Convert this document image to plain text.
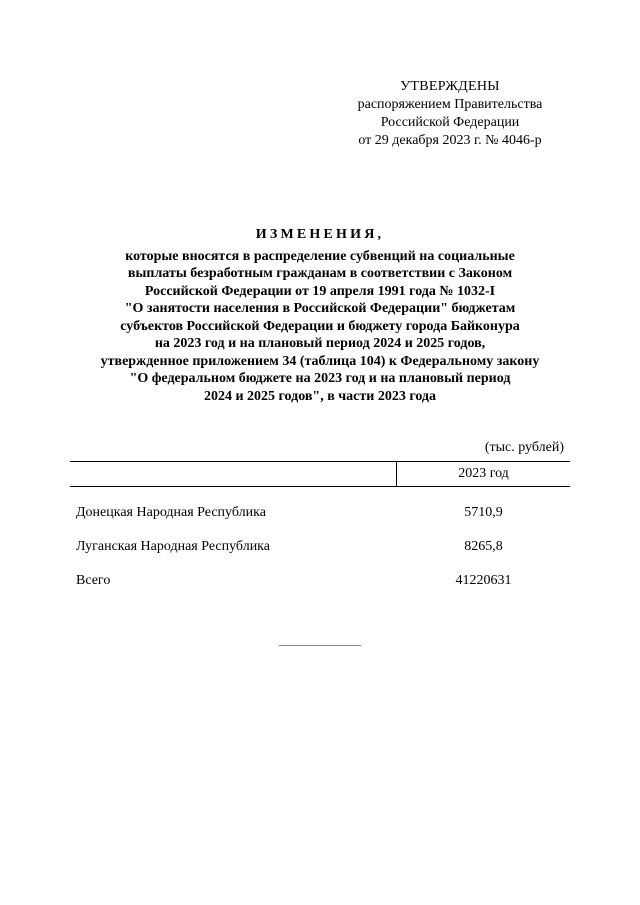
УТВЕРЖДЕНЫ
распоряжением Правительства
Российской Федерации
от 29 декабря 2023 г. № 4046-р
ИЗМЕНЕНИЯ,
которые вносятся в распределение субвенций на социальные
выплаты безработным гражданам в соответствии с Законом
Российской Федерации от 19 апреля 1991 года № 1032-I
"О занятости населения в Российской Федерации" бюджетам
субъектов Российской Федерации и бюджету города Байконура
на 2023 год и на плановый период 2024 и 2025 годов,
утвержденное приложением 34 (таблица 104) к Федеральному закону
"О федеральном бюджете на 2023 год и на плановый период
2024 и 2025 годов", в части 2023 года
(тыс. рублей)
2023 год
Донецкая Народная Республика	5710,9
Луганская Народная Республика	8265,8
Всего	41220631
